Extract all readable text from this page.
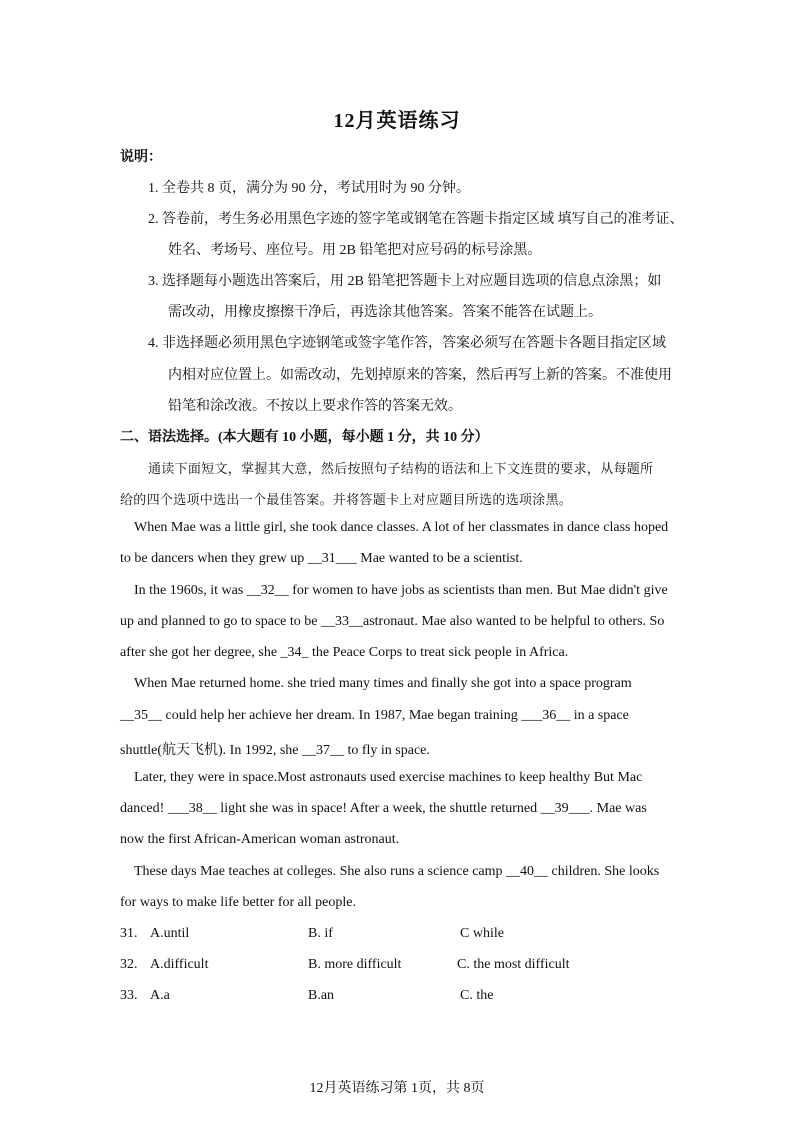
12月英语练习
说明：
1. 全卷共 8 页，满分为 90 分，考试用时为 90 分钟。
2. 答卷前，考生务必用黑色字迹的签字笔或钢笔在答题卡指定区域 填写自己的准考证、
姓名、考场号、座位号。用 2B 铅笔把对应号码的标号涂黑。
3. 选择题每小题选出答案后，用 2B 铅笔把答题卡上对应题目选项的信息点涂黑；如
需改动，用橡皮擦擦干净后，再选涂其他答案。答案不能答在试题上。
4. 非选择题必须用黑色字迹钢笔或签字笔作答，答案必须写在答题卡各题目指定区域
内相对应位置上。如需改动，先划掉原来的答案，然后再写上新的答案。不准使用
铅笔和涂改液。不按以上要求作答的答案无效。
二、语法选择。(本大题有 10 小题，每小题 1 分，共 10 分）
通读下面短文，掌握其大意，然后按照句子结构的语法和上下文连贯的要求，从每题所
给的四个选项中选出一个最佳答案。并将答题卡上对应题目所选的选项涂黑。
When Mae was a little girl, she took dance classes. A lot of her classmates in dance class hoped
to be dancers when they grew up __31___ Mae wanted to be a scientist.
In the 1960s, it was __32__ for women to have jobs as scientists than men. But Mae didn't give
up and planned to go to space to be __33__astronaut. Mae also wanted to be helpful to others. So
after she got her degree, she _34_ the Peace Corps to treat sick people in Africa.
When Mae returned home. she tried many times and finally she got into a space program
__35__ could help her achieve her dream. In 1987, Mae began training ___36__ in a space
shuttle(航天飞机). In 1992, she __37__ to fly in space.
Later, they were in space.Most astronauts used exercise machines to keep healthy But Mac
danced! ___38__ light she was in space! After a week, the shuttle returned __39___. Mae was
now the first African-American woman astronaut.
These days Mae teaches at colleges. She also runs a science camp __40__ children. She looks
for ways to make life better for all people.
31. A.until	B. if	C while
32. A.difficult	B. more difficult	C. the most difficult
33. A.a	B.an	C. the
12月英语练习第 1页，共 8页
